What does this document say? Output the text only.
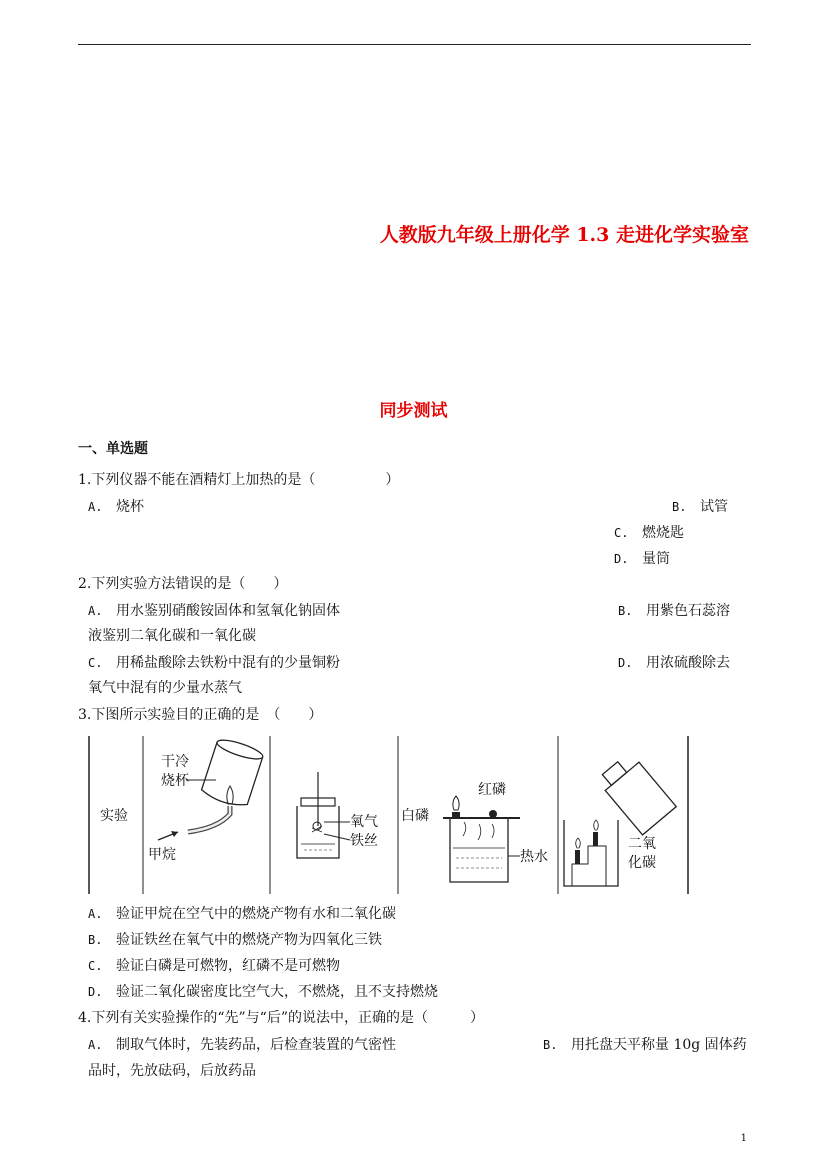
人教版九年级上册化学 1.3 走进化学实验室
同步测试
一、单选题
1.下列仪器不能在酒精灯上加热的是（　　　　　）
A. 烧杯	B. 试管
C. 燃烧匙
D. 量筒
2.下列实验方法错误的是（　　）
A. 用水鉴别硝酸铵固体和氢氧化钠固体	B. 用紫色石蕊溶
液鉴别二氧化碳和一氧化碳
C. 用稀盐酸除去铁粉中混有的少量铜粉	D. 用浓硫酸除去
氧气中混有的少量水蒸气
3.下图所示实验目的正确的是　（　　）
实验
干冷
烧杯
甲烷
氧气
铁丝
白磷
红磷
热水
二氧
化碳
A. 验证甲烷在空气中的燃烧产物有水和二氧化碳
B. 验证铁丝在氧气中的燃烧产物为四氧化三铁
C. 验证白磷是可燃物，红磷不是可燃物
D. 验证二氧化碳密度比空气大，不燃烧，且不支持燃烧
4.下列有关实验操作的“先”与“后”的说法中，正确的是（　　　）
A. 制取气体时，先装药品，后检查装置的气密性	B. 用托盘天平称量 10g 固体药
品时，先放砝码，后放药品
1
